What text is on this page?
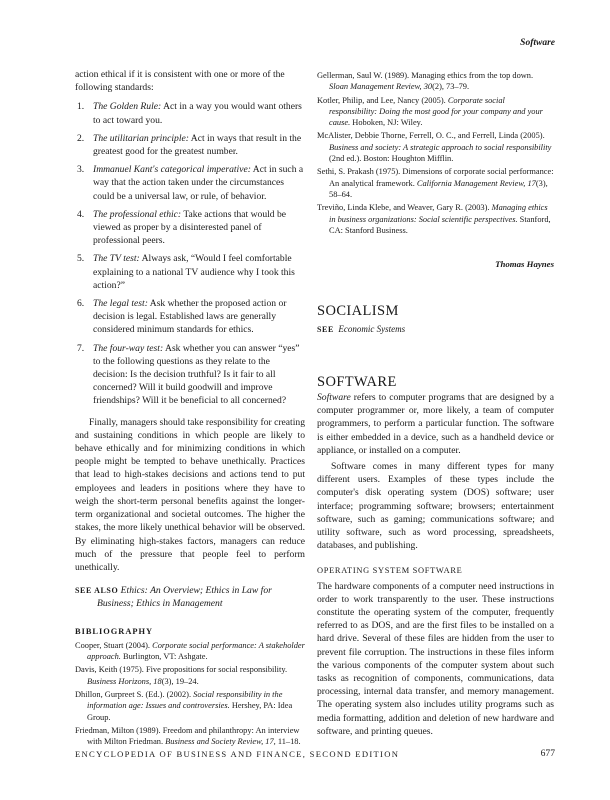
Software

action ethical if it is consistent with one or more of the following standards:

1. The Golden Rule: Act in a way you would want others to act toward you.
2. The utilitarian principle: Act in ways that result in the greatest good for the greatest number.
3. Immanuel Kant's categorical imperative: Act in such a way that the action taken under the circumstances could be a universal law, or rule, of behavior.
4. The professional ethic: Take actions that would be viewed as proper by a disinterested panel of professional peers.
5. The TV test: Always ask, “Would I feel comfortable explaining to a national TV audience why I took this action?”
6. The legal test: Ask whether the proposed action or decision is legal. Established laws are generally considered minimum standards for ethics.
7. The four-way test: Ask whether you can answer “yes” to the following questions as they relate to the decision: Is the decision truthful? Is it fair to all concerned? Will it build goodwill and improve friendships? Will it be beneficial to all concerned?

Finally, managers should take responsibility for creating and sustaining conditions in which people are likely to behave ethically and for minimizing conditions in which people might be tempted to behave unethically. Practices that lead to high-stakes decisions and actions tend to put employees and leaders in positions where they have to weigh the short-term personal benefits against the longer-term organizational and societal outcomes. The higher the stakes, the more likely unethical behavior will be observed. By eliminating high-stakes factors, managers can reduce much of the pressure that people feel to perform unethically.

SEE ALSO Ethics: An Overview; Ethics in Law for Business; Ethics in Management

BIBLIOGRAPHY

Cooper, Stuart (2004). Corporate social performance: A stakeholder approach. Burlington, VT: Ashgate.

Davis, Keith (1975). Five propositions for social responsibility. Business Horizons, 18(3), 19–24.

Dhillon, Gurpreet S. (Ed.). (2002). Social responsibility in the information age: Issues and controversies. Hershey, PA: Idea Group.

Friedman, Milton (1989). Freedom and philanthropy: An interview with Milton Friedman. Business and Society Review, 17, 11–18.

Gellerman, Saul W. (1989). Managing ethics from the top down. Sloan Management Review, 30(2), 73–79.

Kotler, Philip, and Lee, Nancy (2005). Corporate social responsibility: Doing the most good for your company and your cause. Hoboken, NJ: Wiley.

McAlister, Debbie Thorne, Ferrell, O. C., and Ferrell, Linda (2005). Business and society: A strategic approach to social responsibility (2nd ed.). Boston: Houghton Mifflin.

Sethi, S. Prakash (1975). Dimensions of corporate social performance: An analytical framework. California Management Review, 17(3), 58–64.

Treviño, Linda Klebe, and Weaver, Gary R. (2003). Managing ethics in business organizations: Social scientific perspectives. Stanford, CA: Stanford Business.

Thomas Haynes
SOCIALISM

SEE Economic Systems

SOFTWARE

Software refers to computer programs that are designed by a computer programmer or, more likely, a team of computer programmers, to perform a particular function. The software is either embedded in a device, such as a handheld device or appliance, or installed on a computer.

Software comes in many different types for many different users. Examples of these types include the computer's disk operating system (DOS) software; user interface; programming software; browsers; entertainment software, such as gaming; communications software; and utility software, such as word processing, spreadsheets, databases, and publishing.

OPERATING SYSTEM SOFTWARE

The hardware components of a computer need instructions in order to work transparently to the user. These instructions constitute the operating system of the computer, frequently referred to as DOS, and are the first files to be installed on a hard drive. Several of these files are hidden from the user to prevent file corruption. The instructions in these files inform the various components of the computer system about such tasks as recognition of components, communications, data processing, internal data transfer, and memory management. The operating system also includes utility programs such as media formatting, addition and deletion of new hardware and software, and printing queues.

ENCYCLOPEDIA OF BUSINESS AND FINANCE, SECOND EDITION	677
